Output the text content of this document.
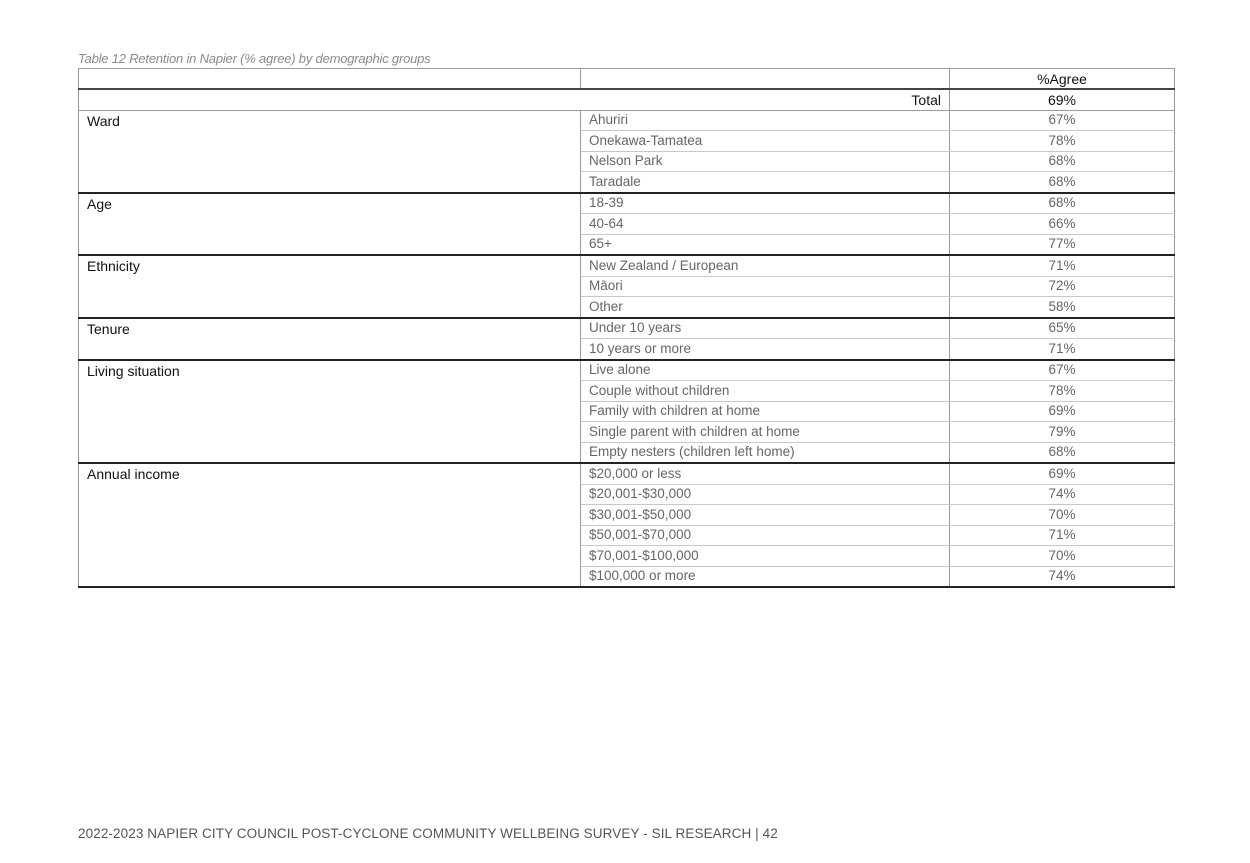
Table 12 Retention in Napier (% agree) by demographic groups
		%Agree
Total		69%
Ward	Ahuriri	67%
	Onekawa-Tamatea	78%
	Nelson Park	68%
	Taradale	68%
Age	18-39	68%
	40-64	66%
	65+	77%
Ethnicity	New Zealand / European	71%
	Māori	72%
	Other	58%
Tenure	Under 10 years	65%
	10 years or more	71%
Living situation	Live alone	67%
	Couple without children	78%
	Family with children at home	69%
	Single parent with children at home	79%
	Empty nesters (children left home)	68%
Annual income	$20,000 or less	69%
	$20,001-$30,000	74%
	$30,001-$50,000	70%
	$50,001-$70,000	71%
	$70,001-$100,000	70%
	$100,000 or more	74%
2022-2023 NAPIER CITY COUNCIL POST-CYCLONE COMMUNITY WELLBEING SURVEY - SIL RESEARCH | 42
